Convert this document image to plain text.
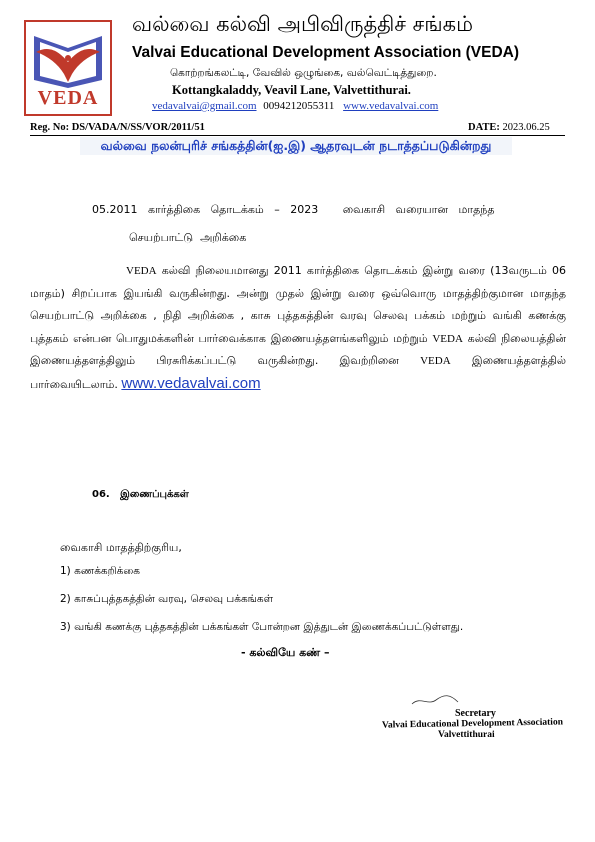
VEDA
வல்வை கல்வி அபிவிருத்திச் சங்கம்
Valvai Educational Development Association (VEDA)
கொற்றங்கலட்டி, வேவில் ஒழுங்கை, வல்வெட்டித்துறை.
Kottangkaladdy, Veavil Lane, Valvettithurai.
vedavalvai@gmail.com 0094212055311 www.vedavalvai.com
Reg. No: DS/VADA/N/SS/VOR/2011/51	DATE: 2023.06.25
வல்வை நலன்புரிச் சங்கத்தின்(ஐ.இ) ஆதரவுடன் நடாத்தப்படுகின்றது
05.2011   கார்த்திகை   தொடக்கம்   –   2023       வைகாசி   வரையான   மாதந்த
செயற்பாட்டு  அறிக்கை
VEDA கல்வி நிலையமானது 2011 கார்த்திகை தொடக்கம் இன்று வரை (13வருடம் 06 மாதம்) சிறப்பாக இயங்கி வருகின்றது. அன்று முதல் இன்று வரை ஒவ்வொரு மாதத்திற்குமான மாதந்த செயற்பாட்டு அறிக்கை , நிதி அறிக்கை , காசு புத்தகத்தின் வரவு செலவு பக்கம் மற்றும் வங்கி கணக்கு புத்தகம் என்பன பொதுமக்களின் பார்வைக்காக இணையத்தளங்களிலும் மற்றும் VEDA கல்வி நிலையத்தின் இணையத்தளத்திலும் பிரசுரிக்கப்பட்டு வருகின்றது. இவற்றினை VEDA இணையத்தளத்தில் பார்வையிடலாம். www.vedavalvai.com
06.   இணைப்புக்கள்
வைகாசி மாதத்திற்குரிய,
1) கணக்கறிக்கை
2) காசுப்புத்தகத்தின் வரவு, செலவு பக்கங்கள்
3) வங்கி கணக்கு புத்தகத்தின் பக்கங்கள் போன்றன இத்துடன் இணைக்கப்பட்டுள்ளது.
- கல்வியே கண் –
Secretary
Valvai Educational Development Association
Valvettithurai
